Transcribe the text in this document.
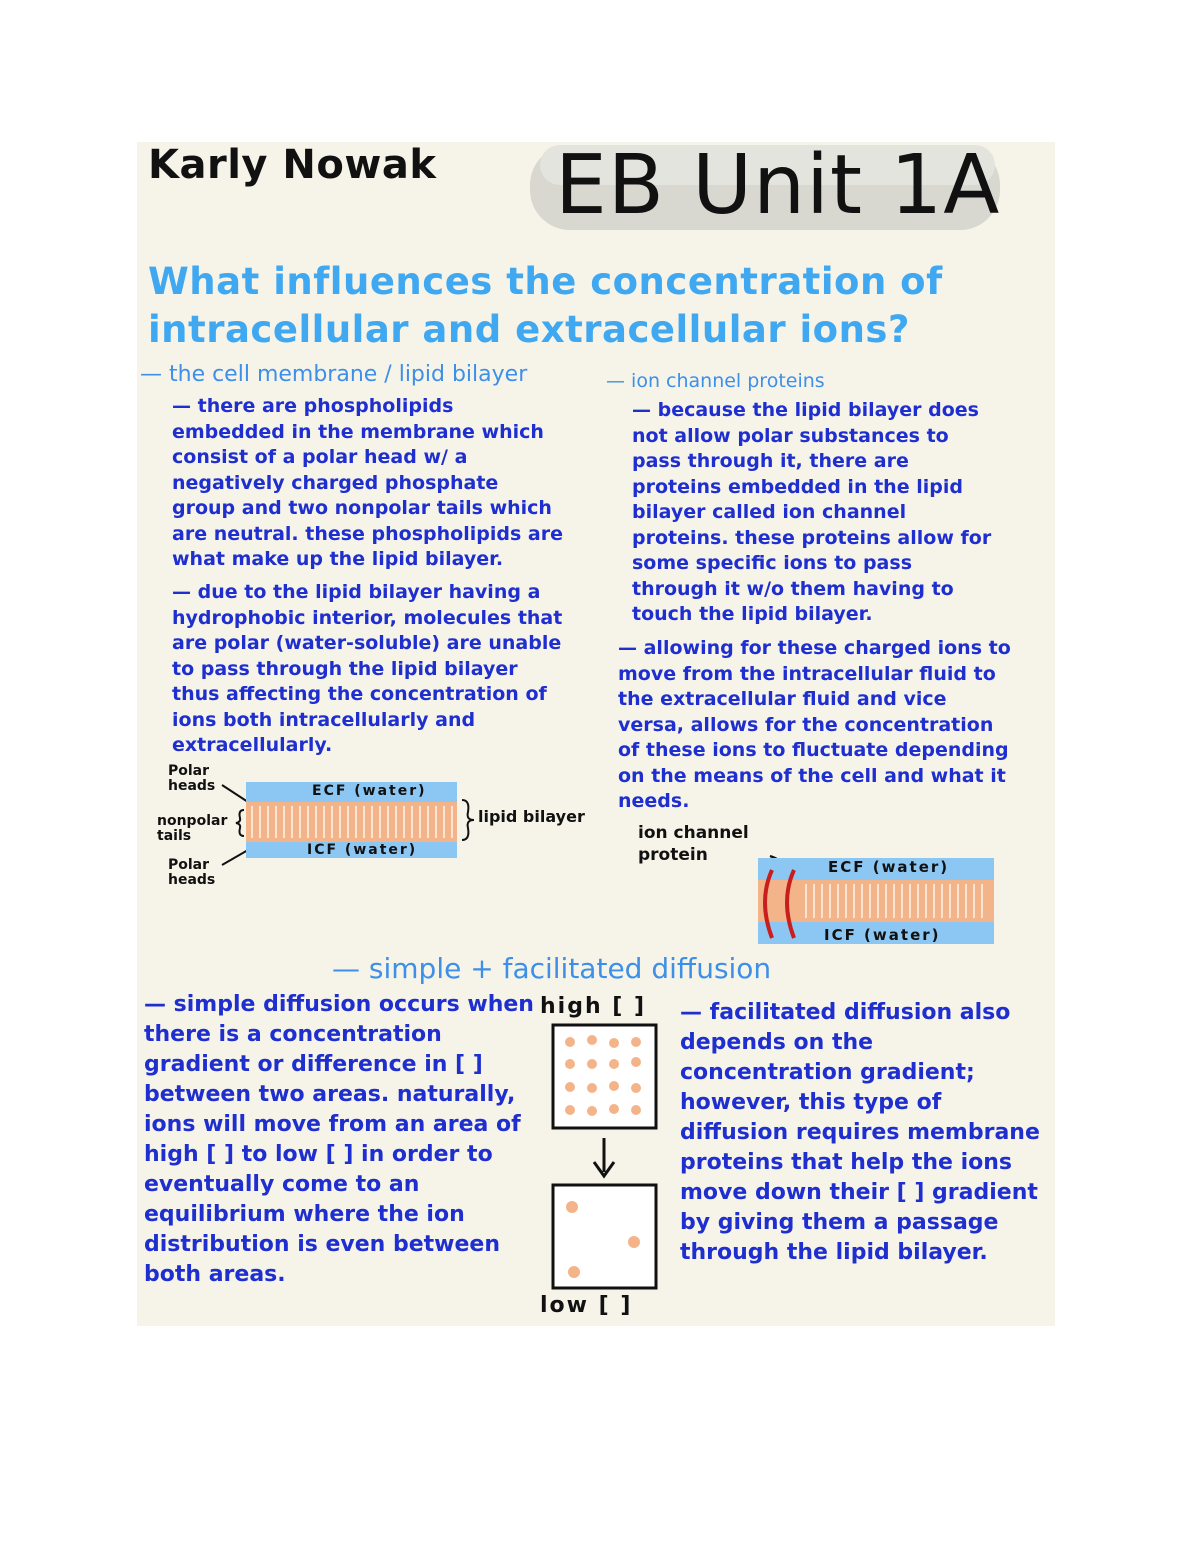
Karly Nowak EB Unit 1A
What influences the concentration of intracellular and extracellular ions?
— the cell membrane / lipid bilayer
— there are phospholipids embedded in the membrane which consist of a polar head w/ a negatively charged phosphate group and two nonpolar tails which are neutral. these phospholipids are what make up the lipid bilayer.
— due to the lipid bilayer having a hydrophobic interior, molecules that are polar (water-soluble) are unable to pass through the lipid bilayer thus affecting the concentration of ions both intracellularly and extracellularly.
Polar heads
nonpolar tails
Polar heads
ECF (water)
ICF (water)
lipid bilayer
— ion channel proteins
— because the lipid bilayer does not allow polar substances to pass through it, there are proteins embedded in the lipid bilayer called ion channel proteins. these proteins allow for some specific ions to pass through it w/o them having to touch the lipid bilayer.
— allowing for these charged ions to move from the intracellular fluid to the extracellular fluid and vice versa, allows for the concentration of these ions to fluctuate depending on the means of the cell and what it needs.
ion channel protein
ECF (water)
ICF (water)
— simple + facilitated diffusion
— simple diffusion occurs when there is a concentration gradient or difference in [ ] between two areas. naturally, ions will move from an area of high [ ] to low [ ] in order to eventually come to an equilibrium where the ion distribution is even between both areas.
— facilitated diffusion also depends on the concentration gradient; however, this type of diffusion requires membrane proteins that help the ions move down their [ ] gradient by giving them a passage through the lipid bilayer.
high [ ]
low [ ]
